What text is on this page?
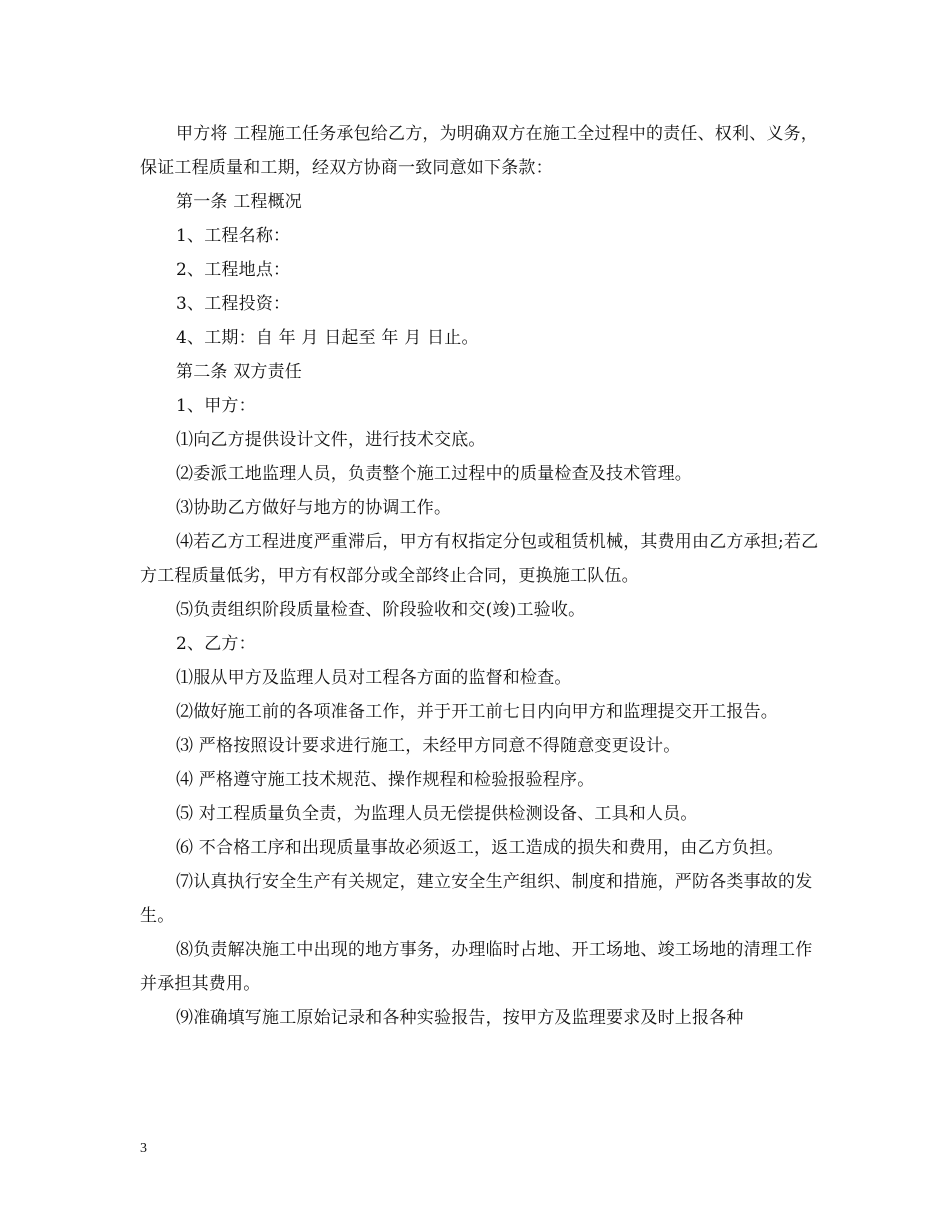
甲方将 工程施工任务承包给乙方，为明确双方在施工全过程中的责任、权利、义务，保证工程质量和工期，经双方协商一致同意如下条款：

第一条 工程概况

1、工程名称：

2、工程地点：

3、工程投资：

4、工期：自 年 月 日起至 年 月 日止。

第二条 双方责任

1、甲方：

⑴向乙方提供设计文件，进行技术交底。

⑵委派工地监理人员，负责整个施工过程中的质量检查及技术管理。

⑶协助乙方做好与地方的协调工作。

⑷若乙方工程进度严重滞后，甲方有权指定分包或租赁机械，其费用由乙方承担;若乙方工程质量低劣，甲方有权部分或全部终止合同，更换施工队伍。

⑸负责组织阶段质量检查、阶段验收和交(竣)工验收。

2、乙方：

⑴服从甲方及监理人员对工程各方面的监督和检查。

⑵做好施工前的各项准备工作，并于开工前七日内向甲方和监理提交开工报告。

⑶ 严格按照设计要求进行施工，未经甲方同意不得随意变更设计。

⑷ 严格遵守施工技术规范、操作规程和检验报验程序。

⑸ 对工程质量负全责，为监理人员无偿提供检测设备、工具和人员。

⑹ 不合格工序和出现质量事故必须返工，返工造成的损失和费用，由乙方负担。

⑺认真执行安全生产有关规定，建立安全生产组织、制度和措施，严防各类事故的发生。

⑻负责解决施工中出现的地方事务，办理临时占地、开工场地、竣工场地的清理工作并承担其费用。

⑼准确填写施工原始记录和各种实验报告，按甲方及监理要求及时上报各种

3
